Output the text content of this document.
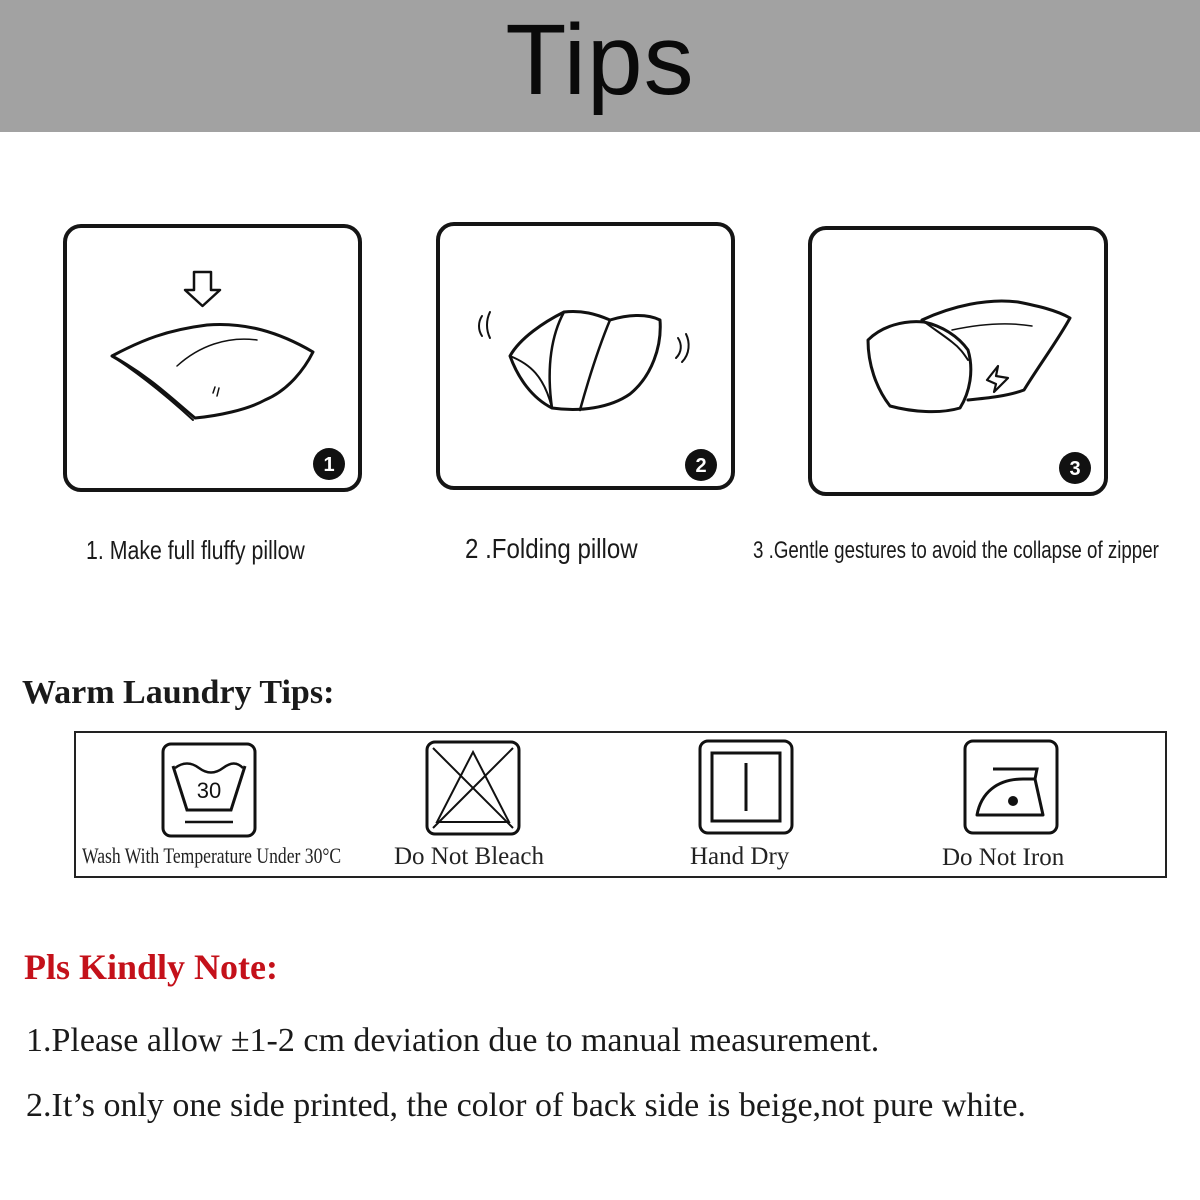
Tips
1
1. Make full fluffy pillow
2
2 .Folding pillow
3
3 .Gentle gestures to avoid the collapse of zipper
Warm Laundry Tips:
30
Wash With Temperature Under 30°C Do Not Bleach	Hand Dry	Do Not Iron
Pls Kindly Note:
1.Please allow ±1-2 cm deviation due to manual measurement.
2.It’s only one side printed, the color of back side is beige,not pure white.
